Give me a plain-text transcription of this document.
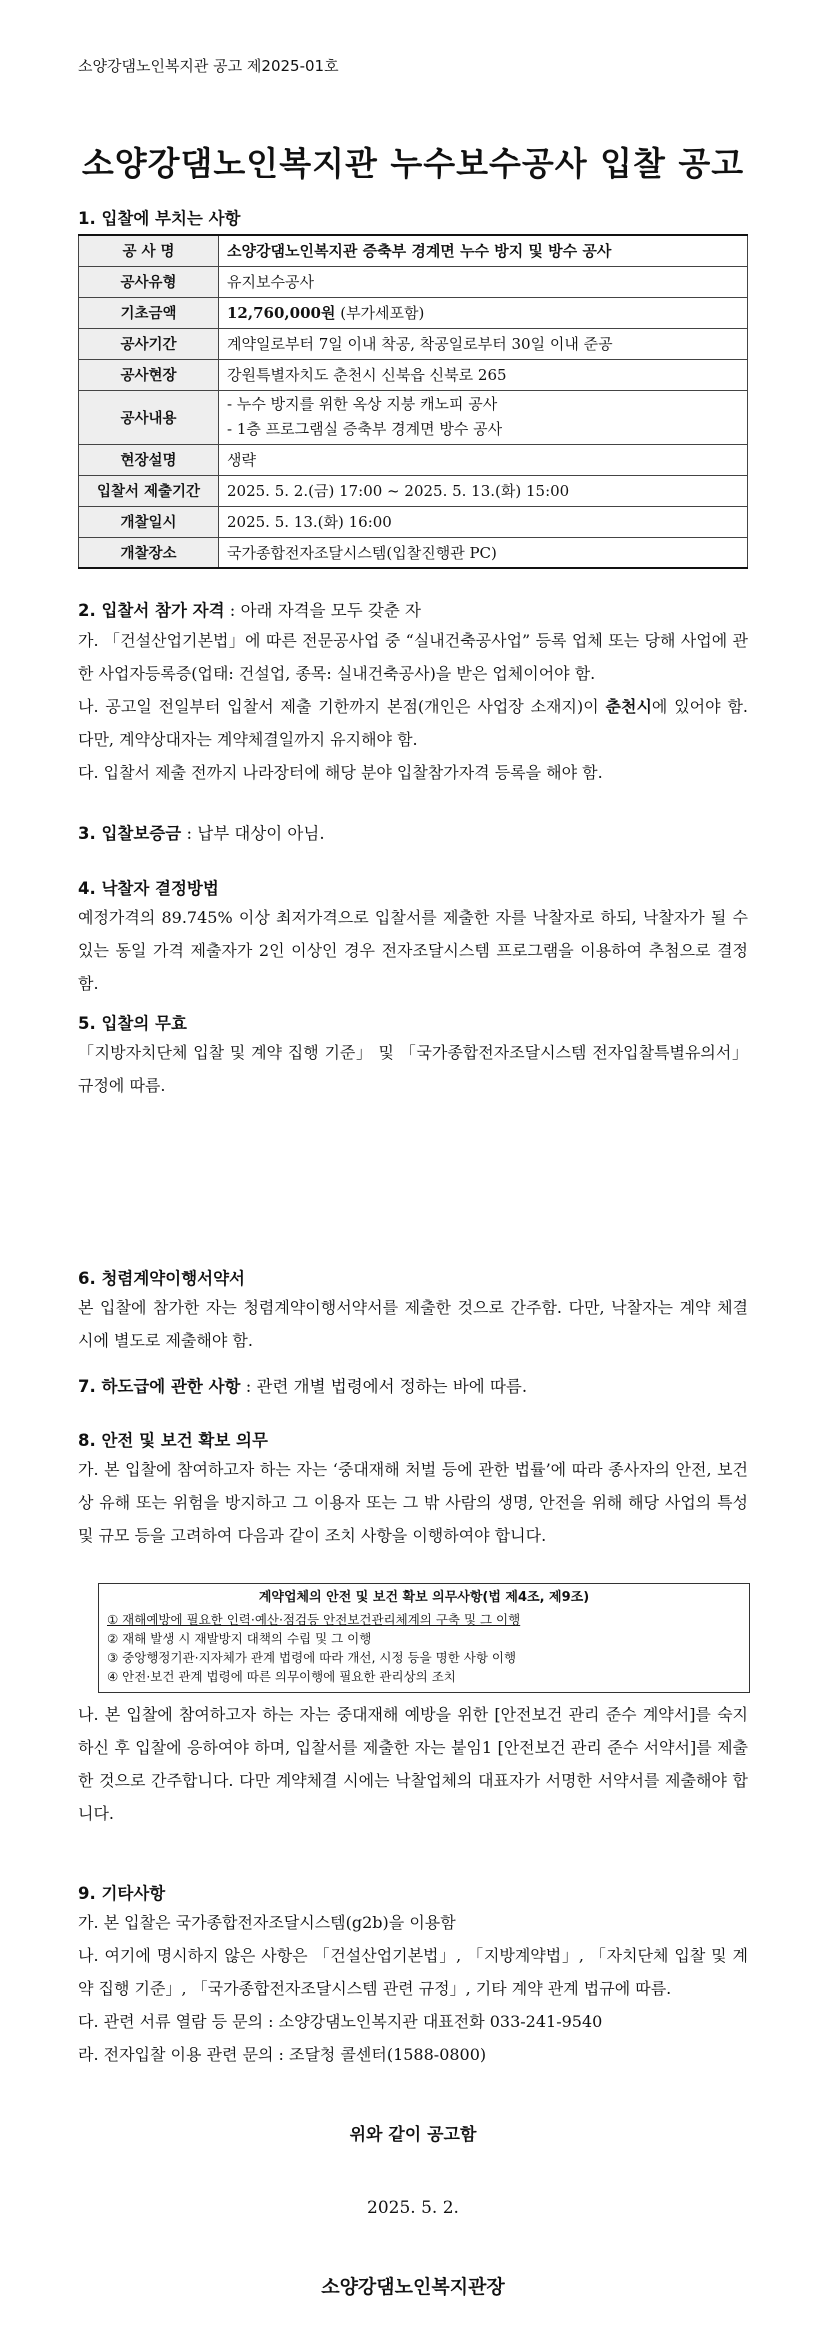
소양강댐노인복지관 공고 제2025-01호
소양강댐노인복지관 누수보수공사 입찰 공고
1. 입찰에 부치는 사항
공 사 명	소양강댐노인복지관 증축부 경계면 누수 방지 및 방수 공사
공사유형	유지보수공사
기초금액	12,760,000원 (부가세포함)
공사기간	계약일로부터 7일 이내 착공, 착공일로부터 30일 이내 준공
공사현장	강원특별자치도 춘천시 신북읍 신북로 265
공사내용	- 누수 방지를 위한 옥상 지붕 캐노피 공사
- 1층 프로그램실 증축부 경계면 방수 공사

현장설명	생략
입찰서 제출기간	2025. 5. 2.(금) 17:00 ~ 2025. 5. 13.(화) 15:00
개찰일시	2025. 5. 13.(화) 16:00
개찰장소	국가종합전자조달시스템(입찰진행관 PC)
2. 입찰서 참가 자격 : 아래 자격을 모두 갖춘 자
가. 「건설산업기본법」에 따른 전문공사업 중 “실내건축공사업” 등록 업체 또는 당해 사업에 관한 사업자등록증(업태: 건설업, 종목: 실내건축공사)을 받은 업체이어야 함.
나. 공고일 전일부터 입찰서 제출 기한까지 본점(개인은 사업장 소재지)이 춘천시에 있어야 함. 다만, 계약상대자는 계약체결일까지 유지해야 함.
다. 입찰서 제출 전까지 나라장터에 해당 분야 입찰참가자격 등록을 해야 함.
3. 입찰보증금 : 납부 대상이 아님.
4. 낙찰자 결정방법
예정가격의 89.745% 이상 최저가격으로 입찰서를 제출한 자를 낙찰자로 하되, 낙찰자가 될 수 있는 동일 가격 제출자가 2인 이상인 경우 전자조달시스템 프로그램을 이용하여 추첨으로 결정함.
5. 입찰의 무효
「지방자치단체 입찰 및 계약 집행 기준」 및 「국가종합전자조달시스템 전자입찰특별유의서」 규정에 따름.
6. 청렴계약이행서약서
본 입찰에 참가한 자는 청렴계약이행서약서를 제출한 것으로 간주함. 다만, 낙찰자는 계약 체결 시에 별도로 제출해야 함.
7. 하도급에 관한 사항 : 관련 개별 법령에서 정하는 바에 따름.
8. 안전 및 보건 확보 의무
가. 본 입찰에 참여하고자 하는 자는 ‘중대재해 처벌 등에 관한 법률’에 따라 종사자의 안전, 보건상 유해 또는 위험을 방지하고 그 이용자 또는 그 밖 사람의 생명, 안전을 위해 해당 사업의 특성 및 규모 등을 고려하여 다음과 같이 조치 사항을 이행하여야 합니다.
계약업체의 안전 및 보건 확보 의무사항(법 제4조, 제9조)
① 재해예방에 필요한 인력·예산·점검등 안전보건관리체계의 구축 및 그 이행
② 재해 발생 시 재발방지 대책의 수립 및 그 이행
③ 중앙행정기관·지자체가 관계 법령에 따라 개선, 시정 등을 명한 사항 이행
④ 안전·보건 관계 법령에 따른 의무이행에 필요한 관리상의 조치
나. 본 입찰에 참여하고자 하는 자는 중대재해 예방을 위한 [안전보건 관리 준수 계약서]를 숙지하신 후 입찰에 응하여야 하며, 입찰서를 제출한 자는 붙임1 [안전보건 관리 준수 서약서]를 제출한 것으로 간주합니다. 다만 계약체결 시에는 낙찰업체의 대표자가 서명한 서약서를 제출해야 합니다.
9. 기타사항
가. 본 입찰은 국가종합전자조달시스템(g2b)을 이용함
나. 여기에 명시하지 않은 사항은 「건설산업기본법」, 「지방계약법」, 「자치단체 입찰 및 계약 집행 기준」, 「국가종합전자조달시스템 관련 규정」, 기타 계약 관계 법규에 따름.
다. 관련 서류 열람 등 문의 : 소양강댐노인복지관 대표전화 033-241-9540
라. 전자입찰 이용 관련 문의 : 조달청 콜센터(1588-0800)
위와 같이 공고함
2025. 5. 2.
소양강댐노인복지관장
